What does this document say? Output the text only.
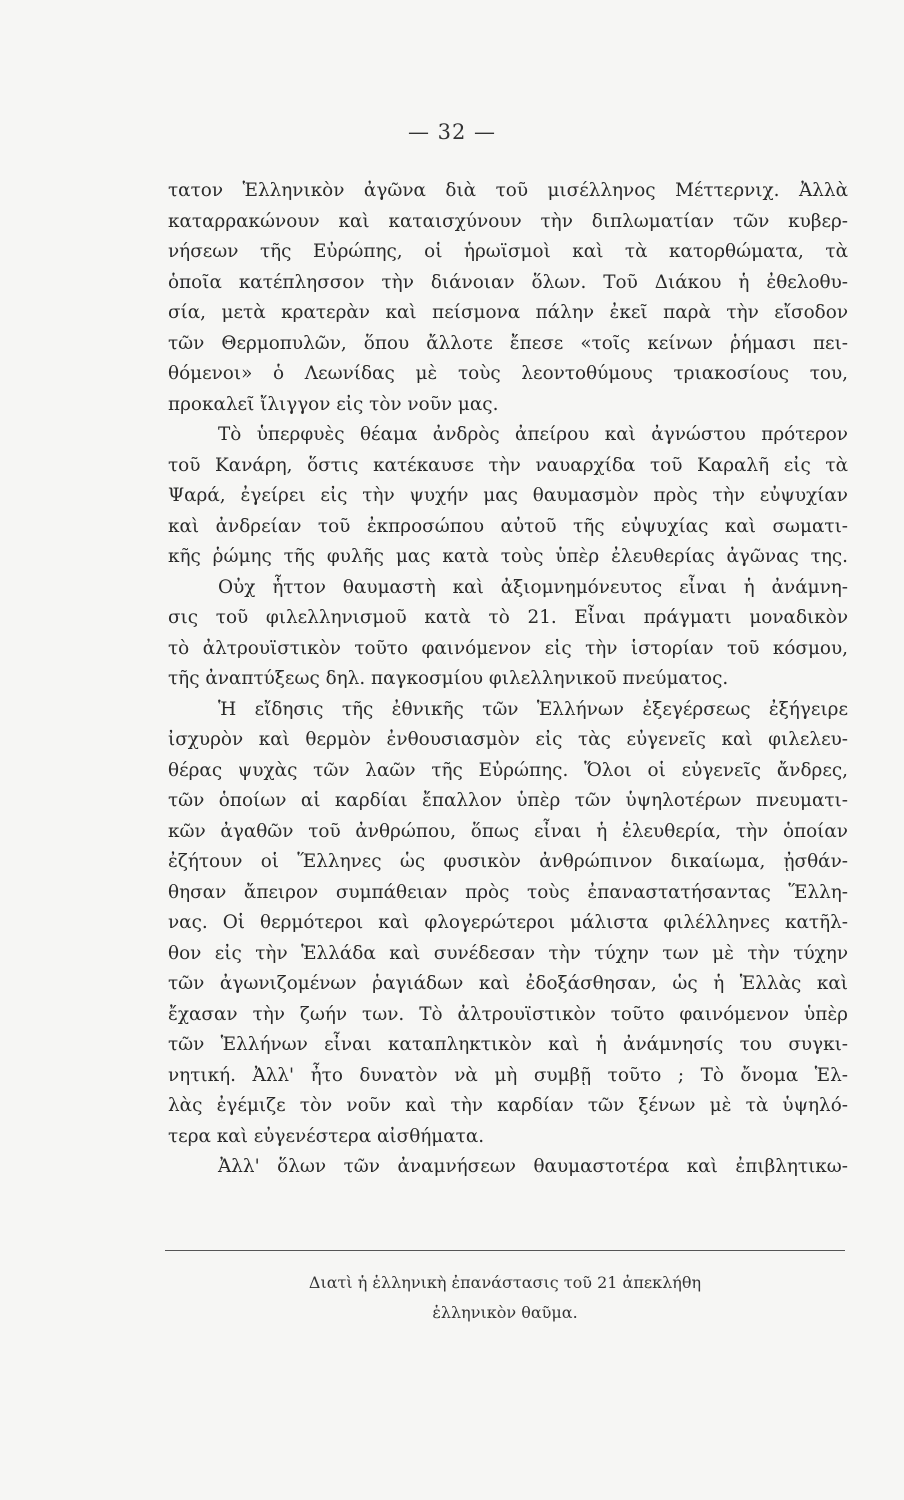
— 32 —
τατον Ἑλληνικὸν ἀγῶνα διὰ τοῦ μισέλληνος Μέττερνιχ. Ἀλλὰ
καταρρακώνουν καὶ καταισχύνουν τὴν διπλωματίαν τῶν κυβερ-
νήσεων τῆς Εὐρώπης, οἱ ἡρωϊσμοὶ καὶ τὰ κατορθώματα, τὰ
ὁποῖα κατέπλησσον τὴν διάνοιαν ὅλων. Τοῦ Διάκου ἡ ἐθελοθυ-
σία, μετὰ κρατερὰν καὶ πείσμονα πάλην ἐκεῖ παρὰ τὴν εἴσοδον
τῶν Θερμοπυλῶν, ὅπου ἄλλοτε ἔπεσε «τοῖς κείνων ῥήμασι πει-
θόμενοι» ὁ Λεωνίδας μὲ τοὺς λεοντοθύμους τριακοσίους του,
προκαλεῖ ἴλιγγον εἰς τὸν νοῦν μας.
Τὸ ὑπερφυὲς θέαμα ἀνδρὸς ἀπείρου καὶ ἀγνώστου πρότερον
τοῦ Κανάρη, ὅστις κατέκαυσε τὴν ναυαρχίδα τοῦ Καραλῆ εἰς τὰ
Ψαρά, ἐγείρει εἰς τὴν ψυχήν μας θαυμασμὸν πρὸς τὴν εὐψυχίαν
καὶ ἀνδρείαν τοῦ ἐκπροσώπου αὐτοῦ τῆς εὐψυχίας καὶ σωματι-
κῆς ῥώμης τῆς φυλῆς μας κατὰ τοὺς ὑπὲρ ἐλευθερίας ἀγῶνας της.
Οὐχ ἧττον θαυμαστὴ καὶ ἀξιομνημόνευτος εἶναι ἡ ἀνάμνη-
σις τοῦ φιλελληνισμοῦ κατὰ τὸ 21. Εἶναι πράγματι μοναδικὸν
τὸ ἀλτρουϊστικὸν τοῦτο φαινόμενον εἰς τὴν ἱστορίαν τοῦ κόσμου,
τῆς ἀναπτύξεως δηλ. παγκοσμίου φιλελληνικοῦ πνεύματος.
Ἡ εἴδησις τῆς ἐθνικῆς τῶν Ἑλλήνων ἐξεγέρσεως ἐξήγειρε
ἰσχυρὸν καὶ θερμὸν ἐνθουσιασμὸν εἰς τὰς εὐγενεῖς καὶ φιλελευ-
θέρας ψυχὰς τῶν λαῶν τῆς Εὐρώπης. Ὅλοι οἱ εὐγενεῖς ἄνδρες,
τῶν ὁποίων αἱ καρδίαι ἔπαλλον ὑπὲρ τῶν ὑψηλοτέρων πνευματι-
κῶν ἀγαθῶν τοῦ ἀνθρώπου, ὅπως εἶναι ἡ ἐλευθερία, τὴν ὁποίαν
ἐζήτουν οἱ Ἕλληνες ὡς φυσικὸν ἀνθρώπινον δικαίωμα, ᾐσθάν-
θησαν ἄπειρον συμπάθειαν πρὸς τοὺς ἐπαναστατήσαντας Ἕλλη-
νας. Οἱ θερμότεροι καὶ φλογερώτεροι μάλιστα φιλέλληνες κατῆλ-
θον εἰς τὴν Ἑλλάδα καὶ συνέδεσαν τὴν τύχην των μὲ τὴν τύχην
τῶν ἀγωνιζομένων ῥαγιάδων καὶ ἐδοξάσθησαν, ὡς ἡ Ἑλλὰς καὶ
ἔχασαν τὴν ζωήν των. Τὸ ἀλτρουϊστικὸν τοῦτο φαινόμενον ὑπὲρ
τῶν Ἑλλήνων εἶναι καταπληκτικὸν καὶ ἡ ἀνάμνησίς του συγκι-
νητική. Ἀλλ' ἦτο δυνατὸν νὰ μὴ συμβῇ τοῦτο ; Τὸ ὄνομα Ἑλ-
λὰς ἐγέμιζε τὸν νοῦν καὶ τὴν καρδίαν τῶν ξένων μὲ τὰ ὑψηλό-
τερα καὶ εὐγενέστερα αἰσθήματα.
Ἀλλ' ὅλων τῶν ἀναμνήσεων θαυμαστοτέρα καὶ ἐπιβλητικω-
Διατὶ ἡ ἑλληνικὴ ἐπανάστασις τοῦ 21 ἀπεκλήθη
ἑλληνικὸν θαῦμα.
